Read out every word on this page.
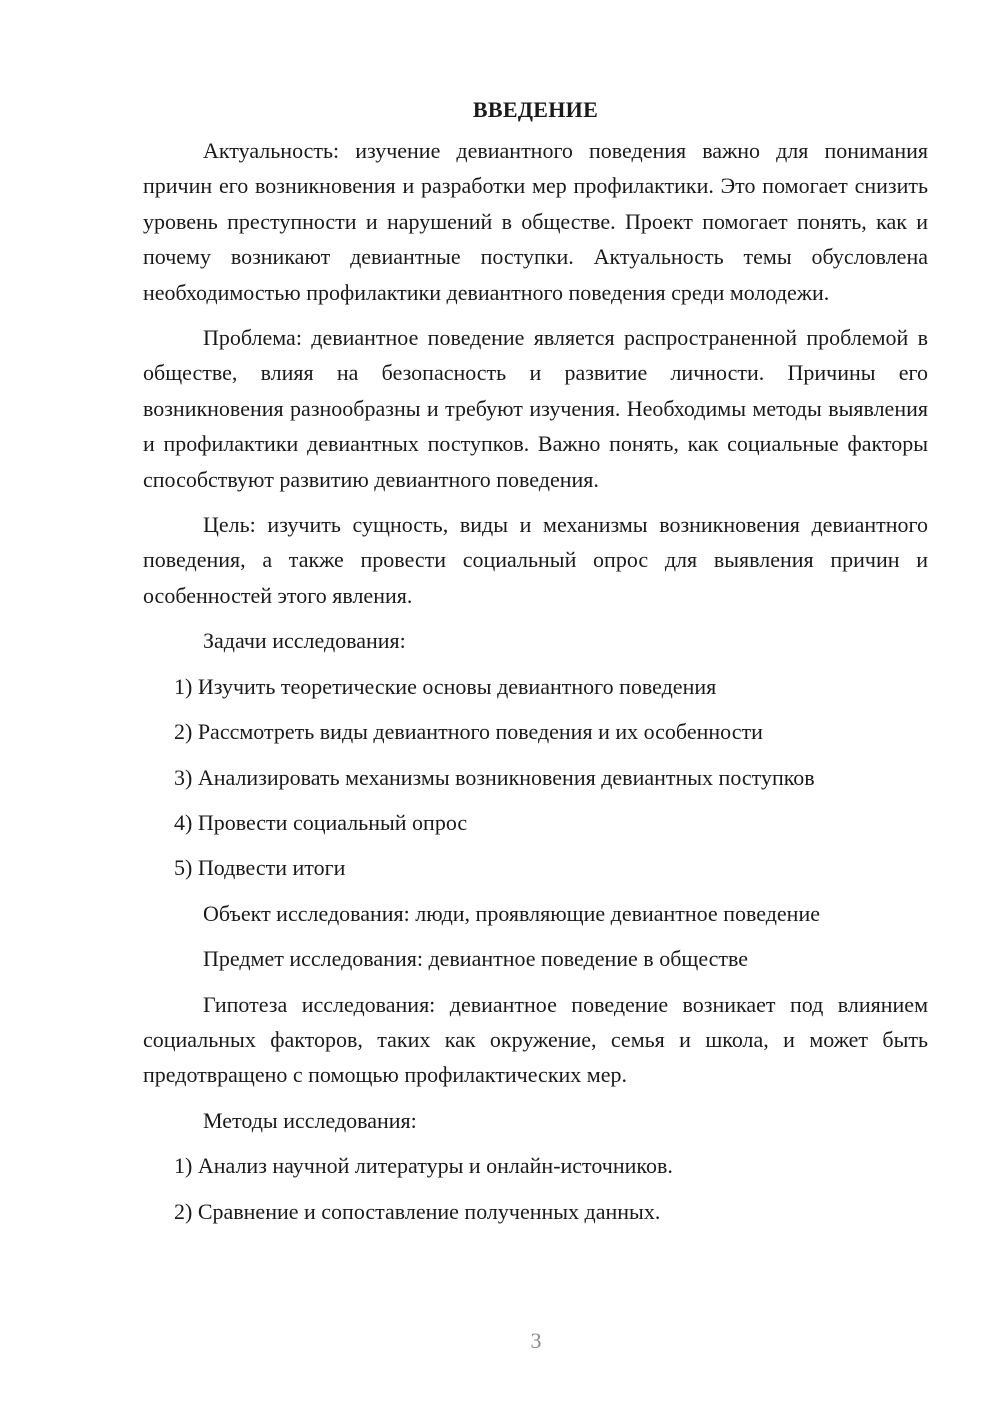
ВВЕДЕНИЕ

Актуальность: изучение девиантного поведения важно для понимания причин его возникновения и разработки мер профилактики. Это помогает снизить уровень преступности и нарушений в обществе. Проект помогает понять, как и почему возникают девиантные поступки. Актуальность темы обусловлена необходимостью профилактики девиантного поведения среди молодежи.

Проблема: девиантное поведение является распространенной проблемой в обществе, влияя на безопасность и развитие личности. Причины его возникновения разнообразны и требуют изучения. Необходимы методы выявления и профилактики девиантных поступков. Важно понять, как социальные факторы способствуют развитию девиантного поведения.

Цель: изучить сущность, виды и механизмы возникновения девиантного поведения, а также провести социальный опрос для выявления причин и особенностей этого явления.

Задачи исследования:

1) Изучить теоретические основы девиантного поведения

2) Рассмотреть виды девиантного поведения и их особенности

3) Анализировать механизмы возникновения девиантных поступков

4) Провести социальный опрос

5) Подвести итоги

Объект исследования: люди, проявляющие девиантное поведение

Предмет исследования: девиантное поведение в обществе

Гипотеза исследования: девиантное поведение возникает под влиянием социальных факторов, таких как окружение, семья и школа, и может быть предотвращено с помощью профилактических мер.

Методы исследования:

1) Анализ научной литературы и онлайн-источников.

2) Сравнение и сопоставление полученных данных.

3
